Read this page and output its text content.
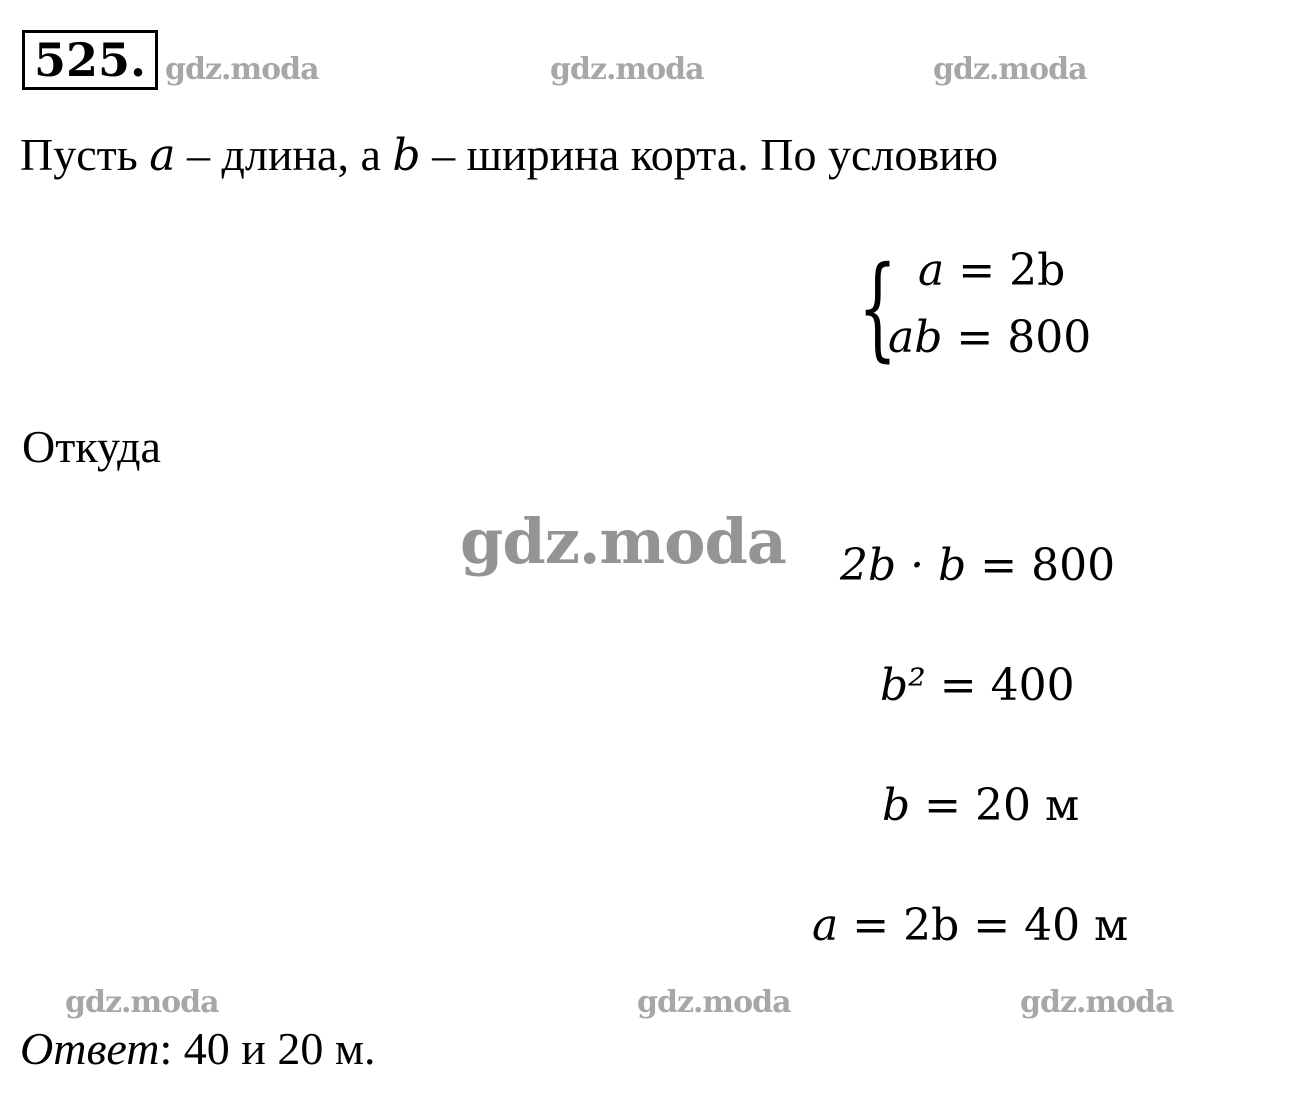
525. gdz.moda	gdz.moda	gdz.moda
Пусть a – длина, а b – ширина корта. По условию
{ a = 2b
ab = 800
Откуда
gdz.moda 2b · b = 800
b² = 400
b = 20 м
a = 2b = 40 м
gdz.moda	gdz.moda	gdz.moda
Ответ: 40 и 20 м.
